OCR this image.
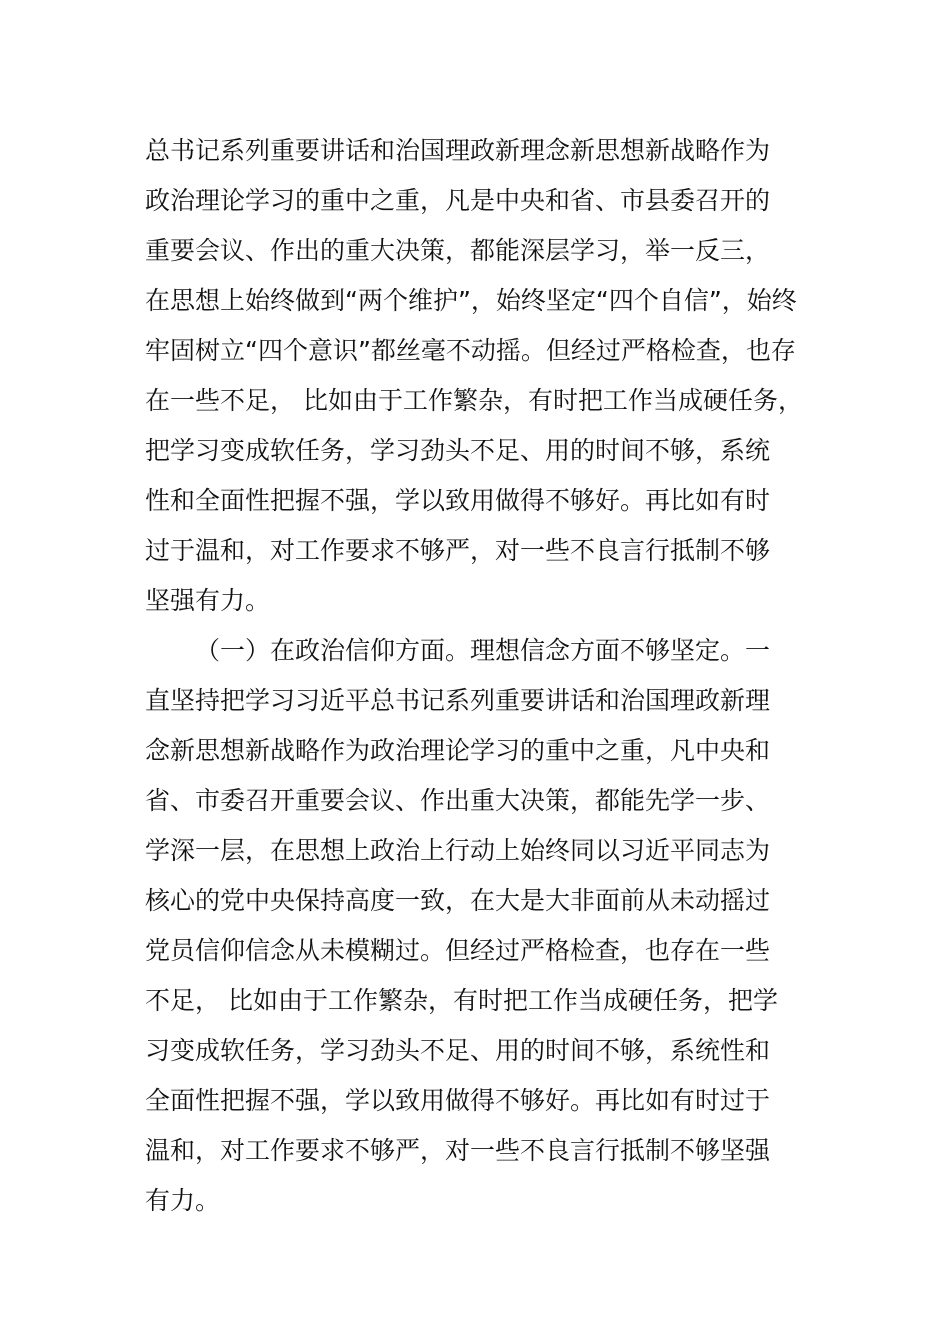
总书记系列重要讲话和治国理政新理念新思想新战略作为
政治理论学习的重中之重，凡是中央和省、市县委召开的
重要会议、作出的重大决策，都能深层学习，举一反三，
在思想上始终做到“两个维护”，始终坚定“四个自信”，始终
牢固树立“四个意识”都丝毫不动摇。但经过严格检查，也存
在一些不足， 比如由于工作繁杂，有时把工作当成硬任务，
把学习变成软任务，学习劲头不足、用的时间不够，系统
性和全面性把握不强，学以致用做得不够好。再比如有时
过于温和，对工作要求不够严，对一些不良言行抵制不够
坚强有力。
（一）在政治信仰方面。理想信念方面不够坚定。一
直坚持把学习习近平总书记系列重要讲话和治国理政新理
念新思想新战略作为政治理论学习的重中之重，凡中央和
省、市委召开重要会议、作出重大决策，都能先学一步、
学深一层，在思想上政治上行动上始终同以习近平同志为
核心的党中央保持高度一致，在大是大非面前从未动摇过
党员信仰信念从未模糊过。但经过严格检查，也存在一些
不足， 比如由于工作繁杂，有时把工作当成硬任务，把学
习变成软任务，学习劲头不足、用的时间不够，系统性和
全面性把握不强，学以致用做得不够好。再比如有时过于
温和，对工作要求不够严，对一些不良言行抵制不够坚强
有力。
